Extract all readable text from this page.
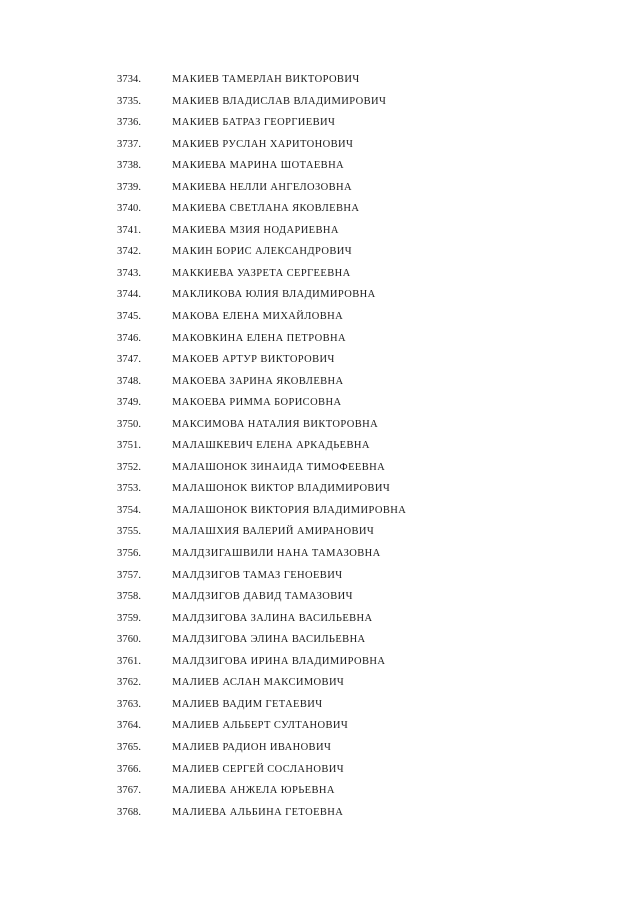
3734.	МАКИЕВ ТАМЕРЛАН ВИКТОРОВИЧ
3735.	МАКИЕВ ВЛАДИСЛАВ ВЛАДИМИРОВИЧ
3736.	МАКИЕВ БАТРАЗ ГЕОРГИЕВИЧ
3737.	МАКИЕВ РУСЛАН ХАРИТОНОВИЧ
3738.	МАКИЕВА МАРИНА ШОТАЕВНА
3739.	МАКИЕВА НЕЛЛИ АНГЕЛОЗОВНА
3740.	МАКИЕВА СВЕТЛАНА ЯКОВЛЕВНА
3741.	МАКИЕВА МЗИЯ НОДАРИЕВНА
3742.	МАКИН БОРИС АЛЕКСАНДРОВИЧ
3743.	МАККИЕВА УАЗРЕТА СЕРГЕЕВНА
3744.	МАКЛИКОВА ЮЛИЯ ВЛАДИМИРОВНА
3745.	МАКОВА ЕЛЕНА МИХАЙЛОВНА
3746.	МАКОВКИНА ЕЛЕНА ПЕТРОВНА
3747.	МАКОЕВ АРТУР ВИКТОРОВИЧ
3748.	МАКОЕВА ЗАРИНА ЯКОВЛЕВНА
3749.	МАКОЕВА РИММА БОРИСОВНА
3750.	МАКСИМОВА НАТАЛИЯ ВИКТОРОВНА
3751.	МАЛАШКЕВИЧ ЕЛЕНА АРКАДЬЕВНА
3752.	МАЛАШОНОК ЗИНАИДА ТИМОФЕЕВНА
3753.	МАЛАШОНОК ВИКТОР ВЛАДИМИРОВИЧ
3754.	МАЛАШОНОК ВИКТОРИЯ ВЛАДИМИРОВНА
3755.	МАЛАШХИЯ ВАЛЕРИЙ АМИРАНОВИЧ
3756.	МАЛДЗИГАШВИЛИ НАНА ТАМАЗОВНА
3757.	МАЛДЗИГОВ ТАМАЗ ГЕНОЕВИЧ
3758.	МАЛДЗИГОВ ДАВИД ТАМАЗОВИЧ
3759.	МАЛДЗИГОВА ЗАЛИНА ВАСИЛЬЕВНА
3760.	МАЛДЗИГОВА ЭЛИНА ВАСИЛЬЕВНА
3761.	МАЛДЗИГОВА ИРИНА ВЛАДИМИРОВНА
3762.	МАЛИЕВ АСЛАН МАКСИМОВИЧ
3763.	МАЛИЕВ ВАДИМ ГЕТАЕВИЧ
3764.	МАЛИЕВ АЛЬБЕРТ СУЛТАНОВИЧ
3765.	МАЛИЕВ РАДИОН ИВАНОВИЧ
3766.	МАЛИЕВ СЕРГЕЙ СОСЛАНОВИЧ
3767.	МАЛИЕВА АНЖЕЛА ЮРЬЕВНА
3768.	МАЛИЕВА АЛЬБИНА ГЕТОЕВНА
